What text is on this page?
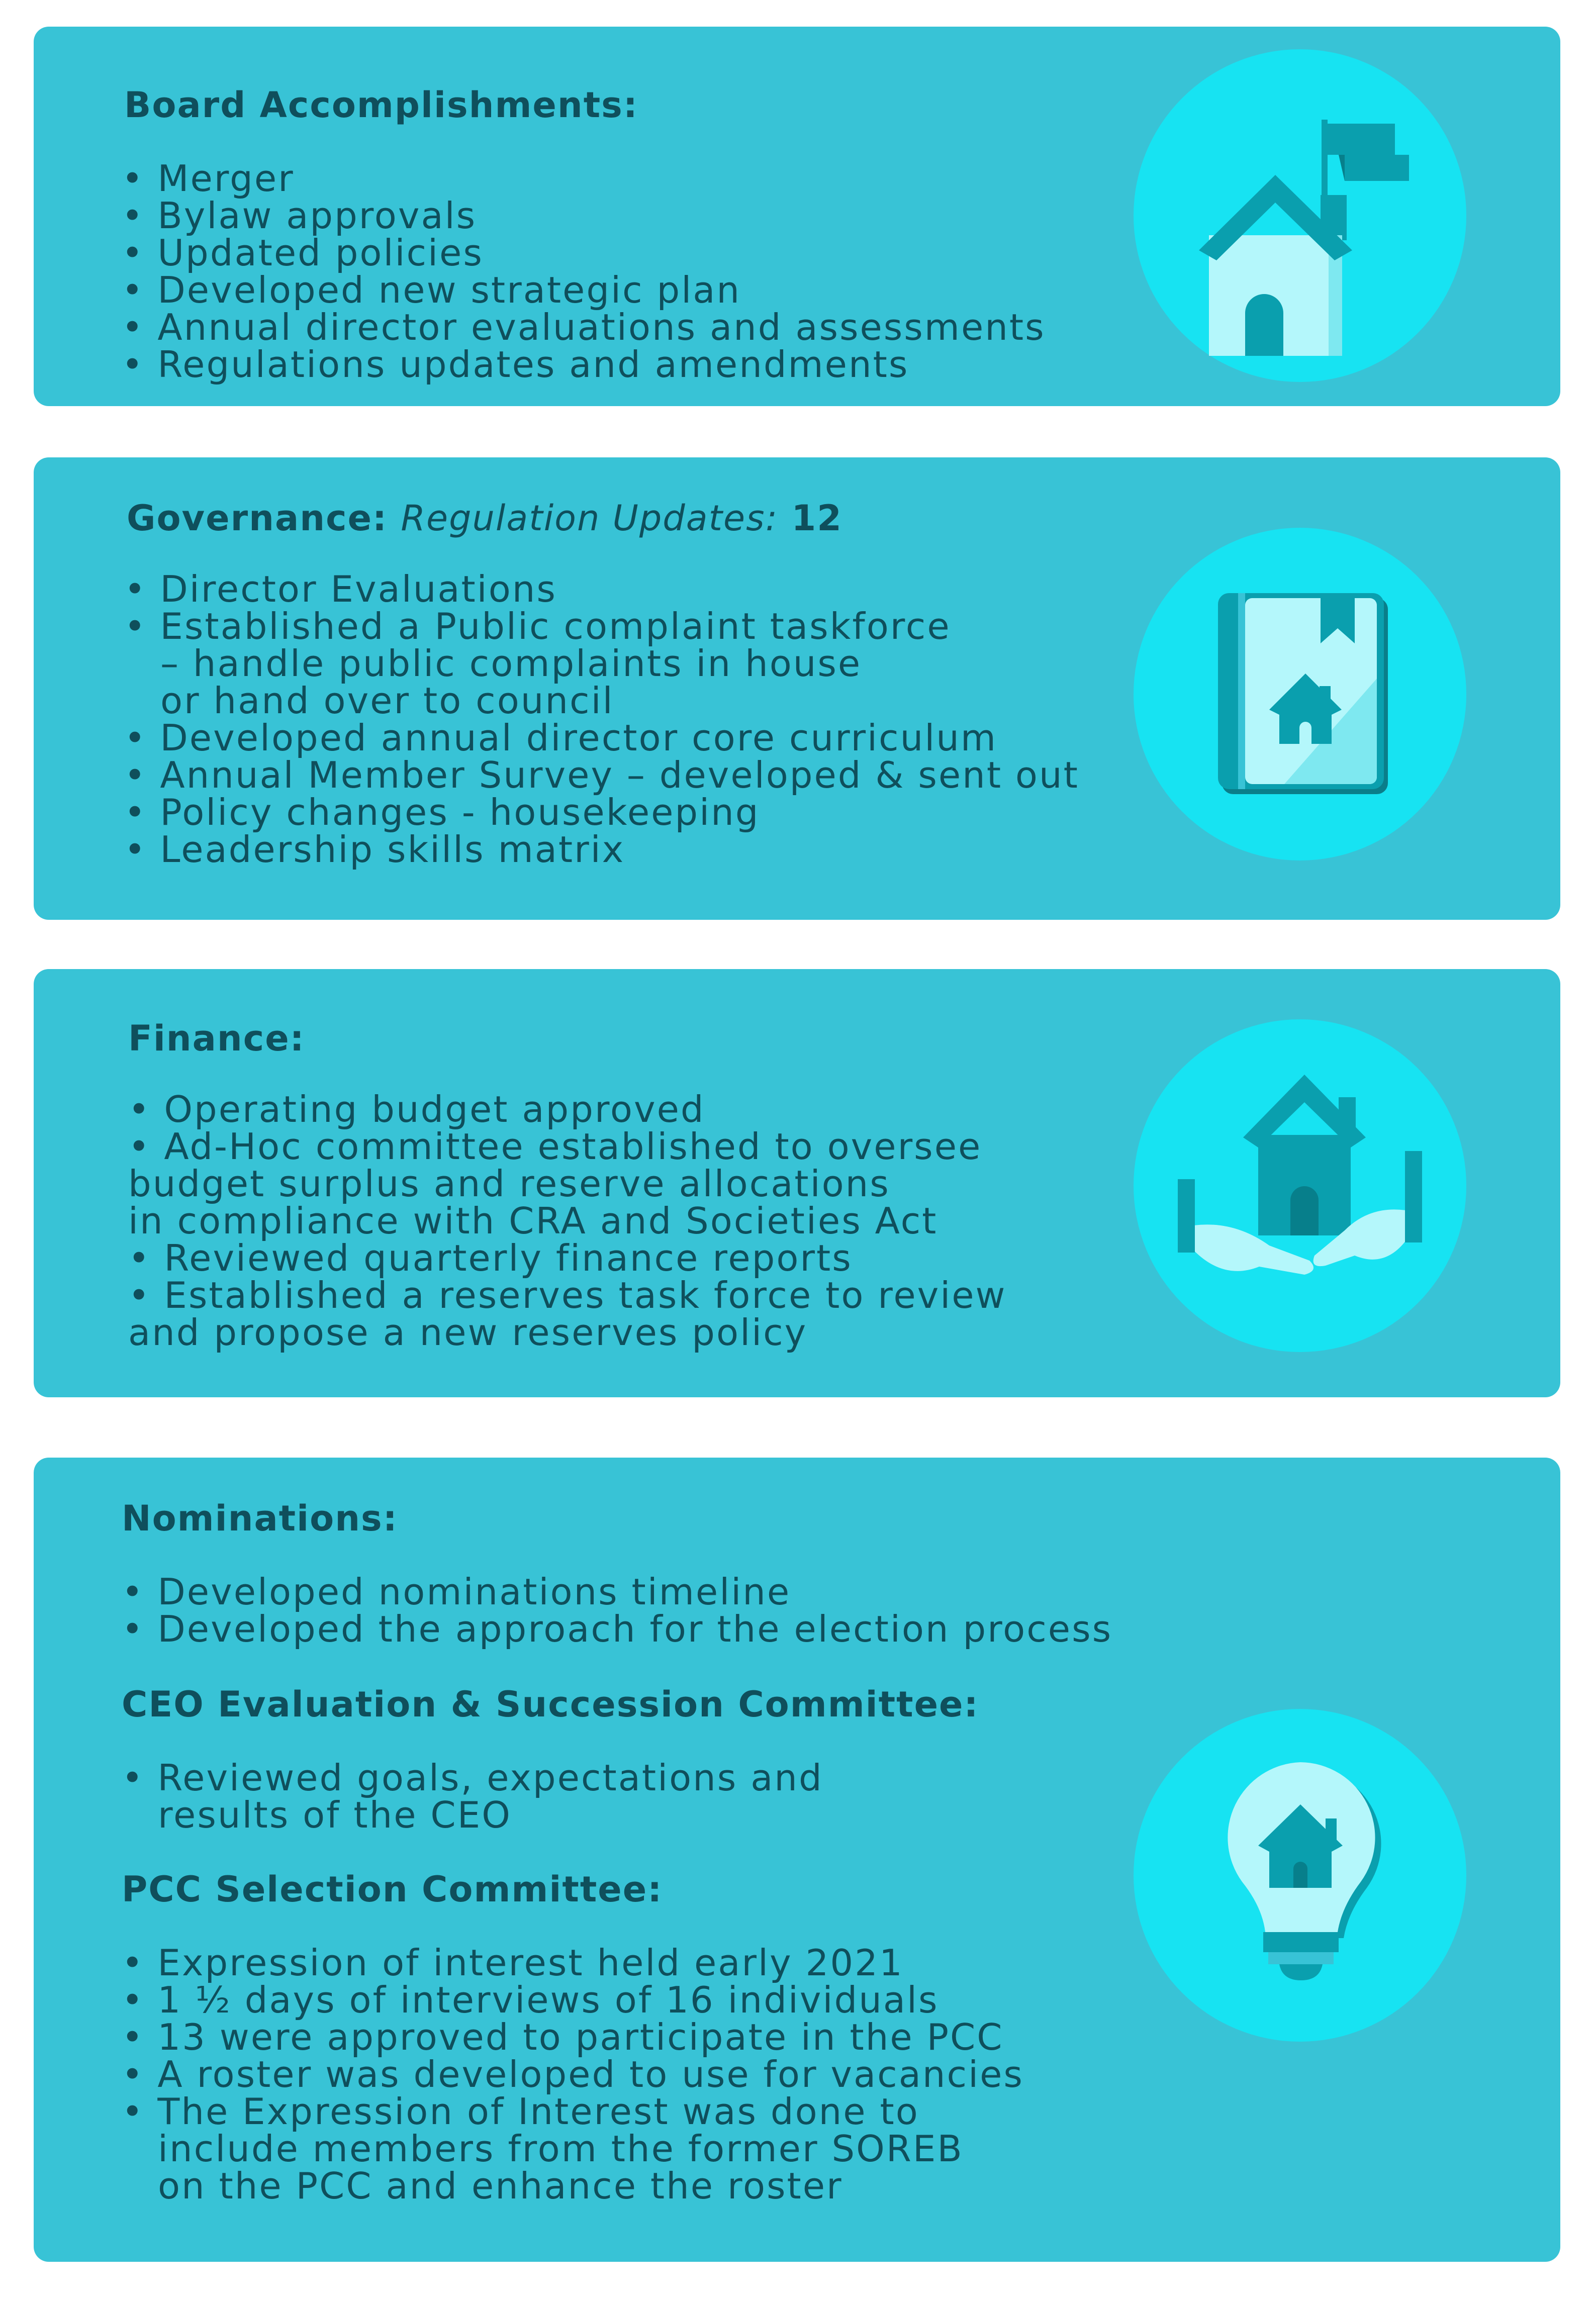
Board Accomplishments:
• Merger
• Bylaw approvals
• Updated policies
• Developed new strategic plan
• Annual director evaluations and assessments
• Regulations updates and amendments
Governance: Regulation Updates: 12
• Director Evaluations
• Established a Public complaint taskforce
– handle public complaints in house
or hand over to council
• Developed annual director core curriculum
• Annual Member Survey – developed & sent out
• Policy changes - housekeeping
• Leadership skills matrix
Finance:
• Operating budget approved
• Ad-Hoc committee established to oversee
budget surplus and reserve allocations
in compliance with CRA and Societies Act
• Reviewed quarterly finance reports
• Established a reserves task force to review
and propose a new reserves policy
Nominations:
• Developed nominations timeline
• Developed the approach for the election process
CEO Evaluation & Succession Committee:
• Reviewed goals, expectations and
results of the CEO
PCC Selection Committee:
• Expression of interest held early 2021
• 1 ½ days of interviews of 16 individuals
• 13 were approved to participate in the PCC
• A roster was developed to use for vacancies
• The Expression of Interest was done to
include members from the former SOREB
on the PCC and enhance the roster
